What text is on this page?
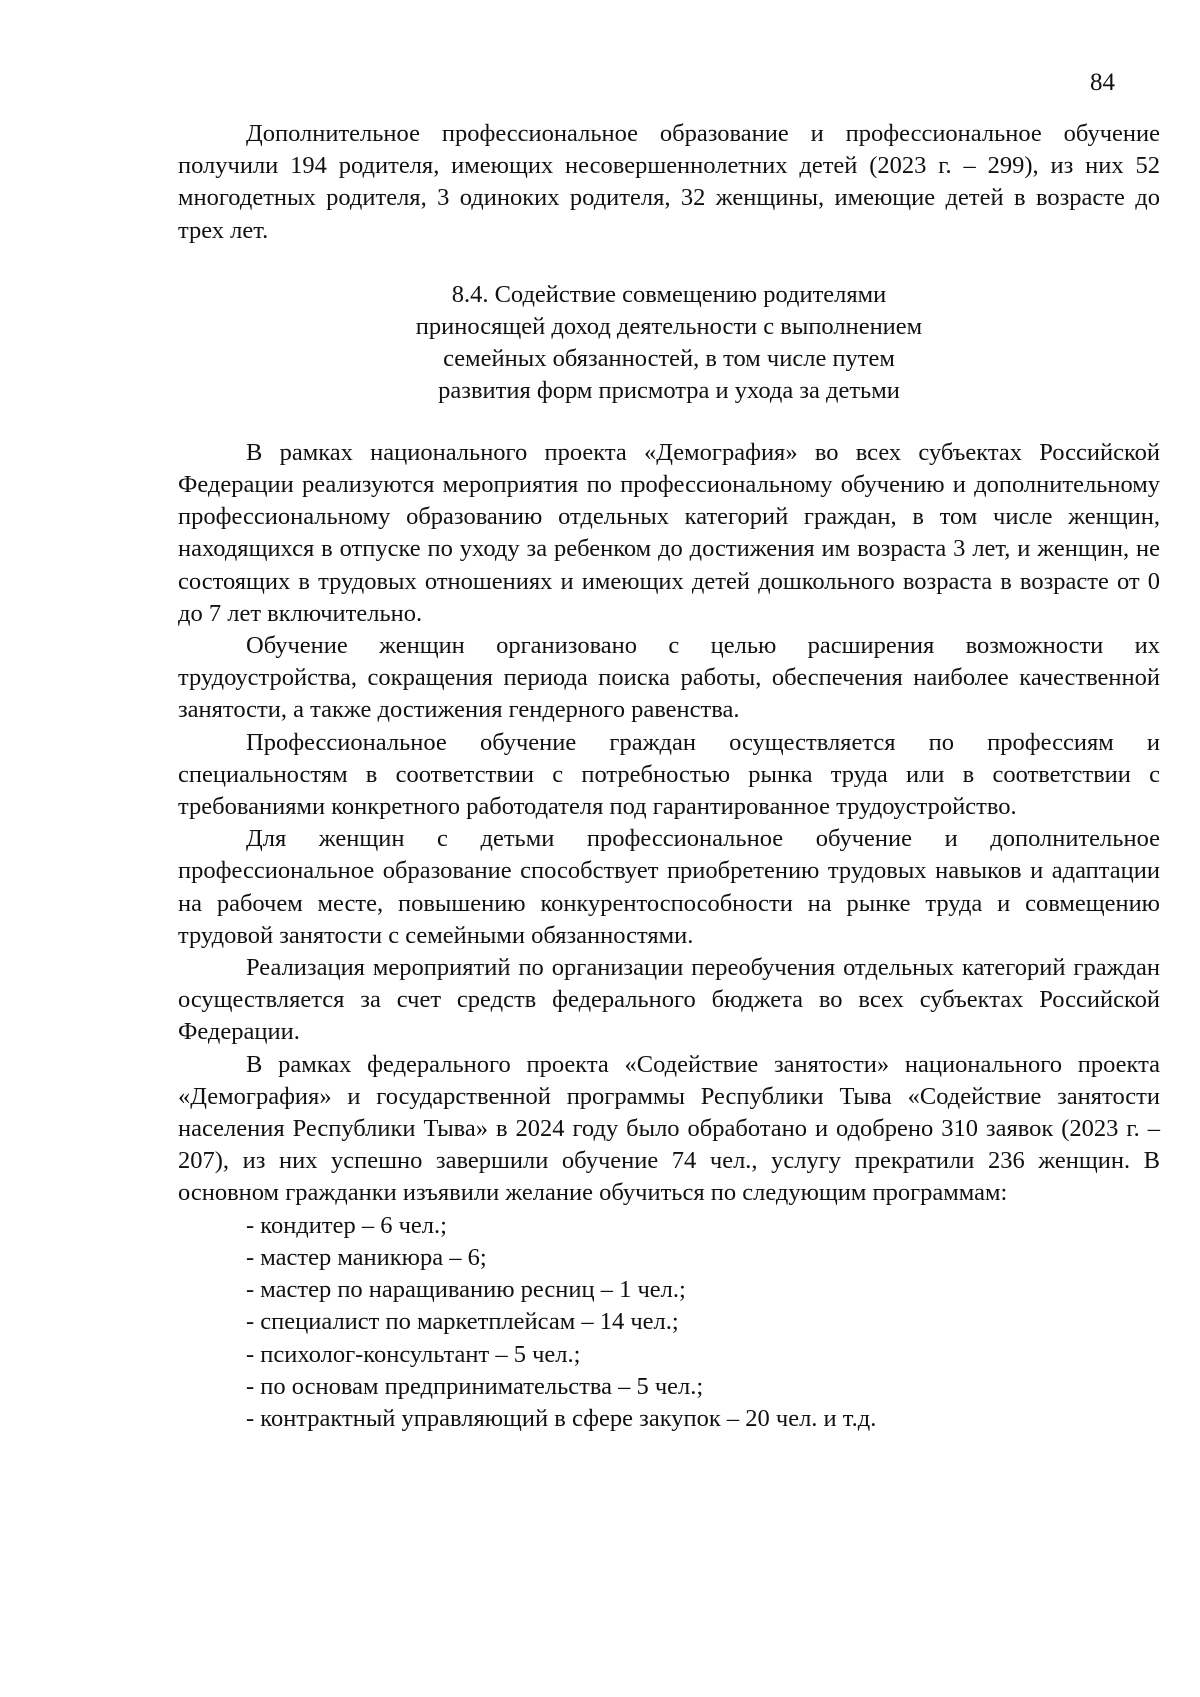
84

Дополнительное профессиональное образование и профессиональное обучение получили 194 родителя, имеющих несовершеннолетних детей (2023 г. – 299), из них 52 многодетных родителя, 3 одиноких родителя, 32 женщины, имеющие детей в возрасте до трех лет.

8.4. Содействие совмещению родителями
приносящей доход деятельности с выполнением
семейных обязанностей, в том числе путем
развития форм присмотра и ухода за детьми

В рамках национального проекта «Демография» во всех субъектах Российской Федерации реализуются мероприятия по профессиональному обучению и дополнительному профессиональному образованию отдельных категорий граждан, в том числе женщин, находящихся в отпуске по уходу за ребенком до достижения им возраста 3 лет, и женщин, не состоящих в трудовых отношениях и имеющих детей дошкольного возраста в возрасте от 0 до 7 лет включительно.

Обучение женщин организовано с целью расширения возможности их трудоустройства, сокращения периода поиска работы, обеспечения наиболее качественной занятости, а также достижения гендерного равенства.

Профессиональное обучение граждан осуществляется по профессиям и специальностям в соответствии с потребностью рынка труда или в соответствии с требованиями конкретного работодателя под гарантированное трудоустройство.

Для женщин с детьми профессиональное обучение и дополнительное профессиональное образование способствует приобретению трудовых навыков и адаптации на рабочем месте, повышению конкурентоспособности на рынке труда и совмещению трудовой занятости с семейными обязанностями.

Реализация мероприятий по организации переобучения отдельных категорий граждан осуществляется за счет средств федерального бюджета во всех субъектах Российской Федерации.

В рамках федерального проекта «Содействие занятости» национального проекта «Демография» и государственной программы Республики Тыва «Содействие занятости населения Республики Тыва» в 2024 году было обработано и одобрено 310 заявок (2023 г. – 207), из них успешно завершили обучение 74 чел., услугу прекратили 236 женщин. В основном гражданки изъявили желание обучиться по следующим программам:

- кондитер – 6 чел.;
- мастер маникюра – 6;
- мастер по наращиванию ресниц – 1 чел.;
- специалист по маркетплейсам – 14 чел.;
- психолог-консультант – 5 чел.;
- по основам предпринимательства – 5 чел.;
- контрактный управляющий в сфере закупок – 20 чел. и т.д.
